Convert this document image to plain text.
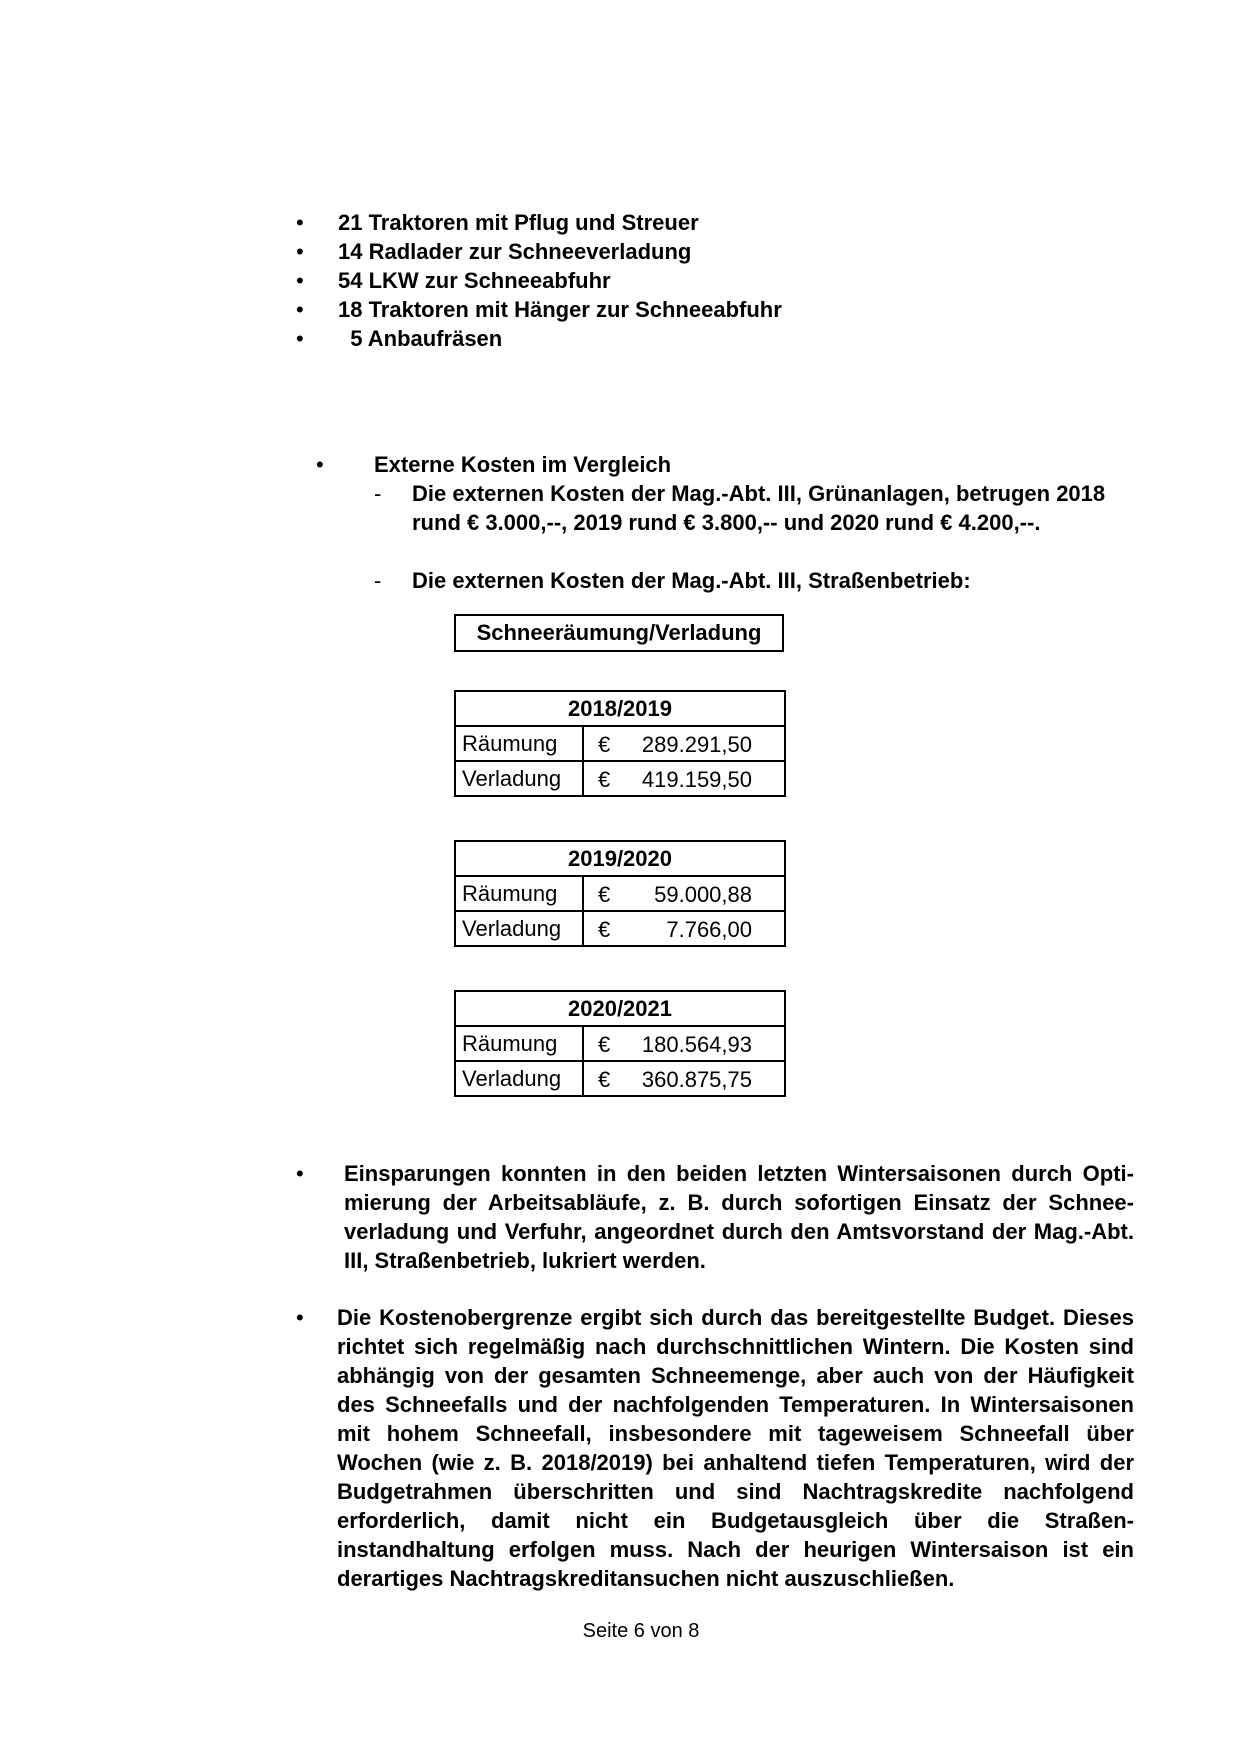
• 21 Traktoren mit Pflug und Streuer
• 14 Radlader zur Schneeverladung
• 54 LKW zur Schneeabfuhr
• 18 Traktoren mit Hänger zur Schneeabfuhr
• 5 Anbaufräsen
• Externe Kosten im Vergleich
- Die externen Kosten der Mag.-Abt. III, Grünanlagen, betrugen 2018 rund € 3.000,--, 2019 rund € 3.800,-- und 2020 rund € 4.200,--.
- Die externen Kosten der Mag.-Abt. III, Straßenbetrieb:
Schneeräumung/Verladung
2018/2019	
Räumung	€ 289.291,50

Verladung	€ 419.159,50
2019/2020	
Räumung	€ 59.000,88

Verladung	€ 7.766,00
2020/2021	
Räumung	€ 180.564,93

Verladung	€ 360.875,75
• Einsparungen konnten in den beiden letzten Wintersaisonen durch Optimierung der Arbeitsabläufe, z. B. durch sofortigen Einsatz der Schneeverladung und Verfuhr, angeordnet durch den Amtsvorstand der Mag.-Abt. III, Straßenbetrieb, lukriert werden.
• Die Kostenobergrenze ergibt sich durch das bereitgestellte Budget. Dieses richtet sich regelmäßig nach durchschnittlichen Wintern. Die Kosten sind abhängig von der gesamten Schneemenge, aber auch von der Häufigkeit des Schneefalls und der nachfolgenden Temperaturen. In Wintersaisonen mit hohem Schneefall, insbesondere mit tageweisem Schneefall über Wochen (wie z. B. 2018/2019) bei anhaltend tiefen Temperaturen, wird der Budgetrahmen überschritten und sind Nachtragskredite nachfolgend erforderlich, damit nicht ein Budgetausgleich über die Straßeninstandhaltung erfolgen muss. Nach der heurigen Wintersaison ist ein derartiges Nachtragskreditansuchen nicht auszuschließen.
Seite 6 von 8
